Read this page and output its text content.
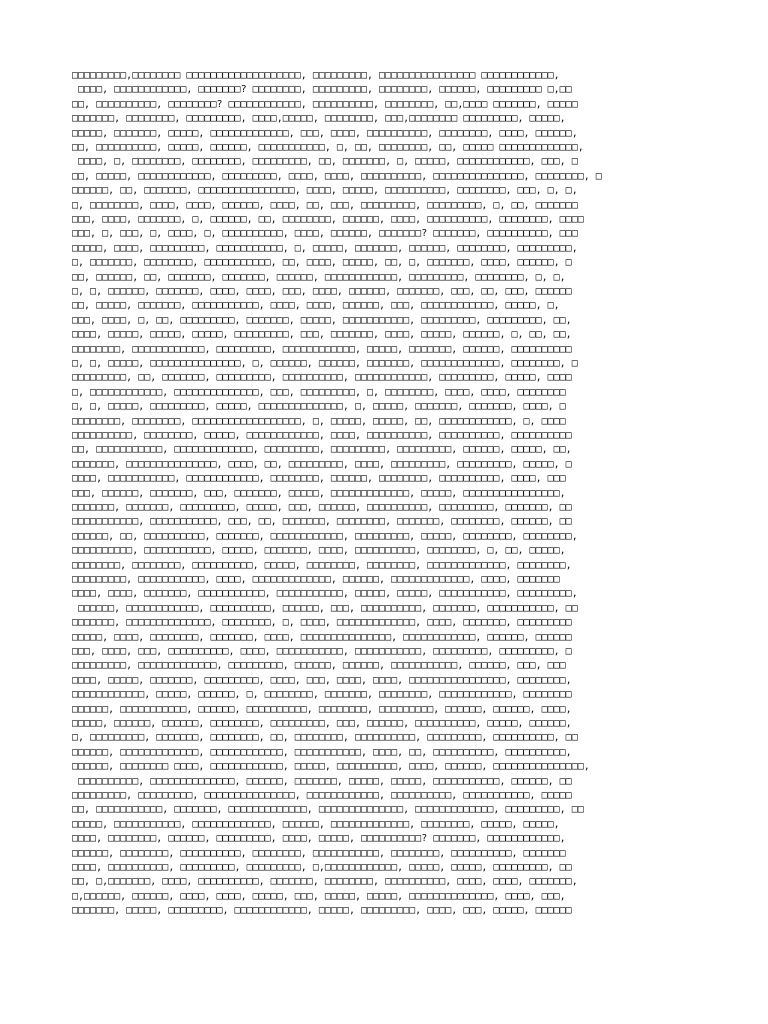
□□□□□□□□□,□□□□□□□□ □□□□□□□□□□□□□□□□□□□, □□□□□□□□□, □□□□□□□□□□□□□□□□ □□□□□□□□□□□□,
□□□□, □□□□□□□□□□□□, □□□□□□□? □□□□□□□□, □□□□□□□□□, □□□□□□□□, □□□□□□, □□□□□□□□□ □,□□
□□, □□□□□□□□□□, □□□□□□□□? □□□□□□□□□□□□, □□□□□□□□□□, □□□□□□□□, □□,□□□□ □□□□□□□, □□□□□
□□□□□□□, □□□□□□□□, □□□□□□□□□, □□□□,□□□□□, □□□□□□□□, □□□,□□□□□□□□ □□□□□□□□□, □□□□□,
□□□□□, □□□□□□□, □□□□□, □□□□□□□□□□□□□, □□□, □□□□, □□□□□□□□□□, □□□□□□□□, □□□□, □□□□□□,
□□, □□□□□□□□□□, □□□□□, □□□□□□, □□□□□□□□□□□, □, □□, □□□□□□□□, □□, □□□□□ □□□□□□□□□□□□□,
□□□□, □, □□□□□□□□, □□□□□□□□, □□□□□□□□□, □□, □□□□□□□, □, □□□□□, □□□□□□□□□□□□, □□□, □
□□, □□□□□, □□□□□□□□□□□□, □□□□□□□□□, □□□□, □□□□, □□□□□□□□□□, □□□□□□□□□□□□□□□, □□□□□□□□, □
□□□□□□, □□, □□□□□□□, □□□□□□□□□□□□□□□□, □□□□, □□□□□, □□□□□□□□□□, □□□□□□□□, □□□, □, □,
□, □□□□□□□□, □□□□, □□□□, □□□□□□, □□□□, □□, □□□, □□□□□□□□□, □□□□□□□□□, □, □□, □□□□□□□
□□□, □□□□, □□□□□□□, □, □□□□□□, □□, □□□□□□□□, □□□□□□, □□□□, □□□□□□□□□□, □□□□□□□□, □□□□
□□□, □, □□□, □, □□□□, □, □□□□□□□□□□, □□□□, □□□□□□, □□□□□□□? □□□□□□□, □□□□□□□□□□, □□□
□□□□□, □□□□, □□□□□□□□□, □□□□□□□□□□□, □, □□□□□, □□□□□□□, □□□□□□, □□□□□□□□, □□□□□□□□□,
□, □□□□□□□, □□□□□□□□, □□□□□□□□□□□, □□, □□□□, □□□□□, □□, □, □□□□□□□, □□□□, □□□□□□, □
□□, □□□□□□, □□, □□□□□□□, □□□□□□□, □□□□□□, □□□□□□□□□□□□, □□□□□□□□□, □□□□□□□□, □, □,
□, □, □□□□□□, □□□□□□□, □□□□, □□□□, □□□, □□□□, □□□□□□, □□□□□□□, □□□, □□, □□□, □□□□□□
□□, □□□□□, □□□□□□□, □□□□□□□□□□□, □□□□, □□□□, □□□□□□, □□□, □□□□□□□□□□□□, □□□□□, □,
□□□, □□□□, □, □□, □□□□□□□□□, □□□□□□□, □□□□□, □□□□□□□□□□□, □□□□□□□□□, □□□□□□□□□, □□,
□□□□, □□□□□, □□□□□, □□□□□, □□□□□□□□□, □□□, □□□□□□□, □□□□, □□□□□, □□□□□□, □, □□, □□,
□□□□□□□□, □□□□□□□□□□□□, □□□□□□□□□, □□□□□□□□□□□□, □□□□□, □□□□□□□, □□□□□□, □□□□□□□□□□
□, □, □□□□□, □□□□□□□□□□□□□□□, □, □□□□□□, □□□□□□, □□□□□□□, □□□□□□□□□□□□□, □□□□□□□□, □
□□□□□□□□□, □□, □□□□□□□, □□□□□□□□□, □□□□□□□□□□, □□□□□□□□□□□□, □□□□□□□□□, □□□□□, □□□□
□, □□□□□□□□□□□□, □□□□□□□□□□□□□□, □□□, □□□□□□□□□, □, □□□□□□□□, □□□□, □□□□, □□□□□□□□
□, □, □□□□□, □□□□□□□□□, □□□□□, □□□□□□□□□□□□□□, □, □□□□□, □□□□□□□, □□□□□□□, □□□□, □
□□□□□□□□, □□□□□□□□, □□□□□□□□□□□□□□□□□□, □, □□□□□, □□□□□, □□, □□□□□□□□□□□□, □, □□□□
□□□□□□□□□□, □□□□□□□□, □□□□□, □□□□□□□□□□□□, □□□□, □□□□□□□□□□, □□□□□□□□□□, □□□□□□□□□□
□□, □□□□□□□□□□□, □□□□□□□□□□□□□, □□□□□□□□□, □□□□□□□□□, □□□□□□□□□, □□□□□□, □□□□□, □□,
□□□□□□□, □□□□□□□□□□□□□□□, □□□□, □□, □□□□□□□□□, □□□□, □□□□□□□□□, □□□□□□□□□, □□□□□, □
□□□□, □□□□□□□□□□□, □□□□□□□□□□□□, □□□□□□□□, □□□□□□, □□□□□□□□, □□□□□□□□□□, □□□□, □□□
□□□, □□□□□□, □□□□□□□, □□□, □□□□□□□, □□□□□, □□□□□□□□□□□□□, □□□□□, □□□□□□□□□□□□□□□□,
□□□□□□□, □□□□□□□, □□□□□□□□□, □□□□□, □□□, □□□□□□, □□□□□□□□□□, □□□□□□□□□, □□□□□□□, □□
□□□□□□□□□□□, □□□□□□□□□□□, □□□, □□, □□□□□□□, □□□□□□□□, □□□□□□□, □□□□□□□□, □□□□□□, □□
□□□□□□, □□, □□□□□□□□□□, □□□□□□□, □□□□□□□□□□□□, □□□□□□□□□, □□□□□, □□□□□□□□, □□□□□□□□,
□□□□□□□□□□, □□□□□□□□□□□, □□□□□, □□□□□□□, □□□□, □□□□□□□□□□, □□□□□□□□, □, □□, □□□□□,
□□□□□□□□, □□□□□□□□, □□□□□□□□□□, □□□□□, □□□□□□□□, □□□□□□□□, □□□□□□□□□□□□□, □□□□□□□□,
□□□□□□□□□, □□□□□□□□□□□, □□□□, □□□□□□□□□□□□□, □□□□□□, □□□□□□□□□□□□□, □□□□, □□□□□□□
□□□□, □□□□, □□□□□□□, □□□□□□□□□□□, □□□□□□□□□□□, □□□□□, □□□□□, □□□□□□□□□□□, □□□□□□□□□,
□□□□□□, □□□□□□□□□□□□, □□□□□□□□□□, □□□□□□, □□□, □□□□□□□□□□, □□□□□□□, □□□□□□□□□□□, □□
□□□□□□□, □□□□□□□□□□□□□□, □□□□□□□□, □, □□□□, □□□□□□□□□□□□□, □□□□, □□□□□□□, □□□□□□□□□
□□□□□, □□□□, □□□□□□□□, □□□□□□□, □□□□, □□□□□□□□□□□□□□□, □□□□□□□□□□□□, □□□□□□, □□□□□□
□□□, □□□□, □□□, □□□□□□□□□□, □□□□, □□□□□□□□□□□, □□□□□□□□□□□, □□□□□□□□□, □□□□□□□□□, □
□□□□□□□□□, □□□□□□□□□□□□□, □□□□□□□□□, □□□□□□, □□□□□□, □□□□□□□□□□□, □□□□□□, □□□, □□□
□□□□, □□□□□, □□□□□□□, □□□□□□□□□, □□□□, □□□, □□□□, □□□□, □□□□□□□□□□□□□□□□, □□□□□□□□,
□□□□□□□□□□□□, □□□□□, □□□□□□, □, □□□□□□□□, □□□□□□□, □□□□□□□□, □□□□□□□□□□□□, □□□□□□□□
□□□□□□, □□□□□□□□□□□, □□□□□□, □□□□□□□□□□, □□□□□□□□, □□□□□□□□□, □□□□□□, □□□□□□, □□□□,
□□□□□, □□□□□□, □□□□□□, □□□□□□□□, □□□□□□□□□, □□□, □□□□□□, □□□□□□□□□□, □□□□□, □□□□□□,
□, □□□□□□□□□, □□□□□□□, □□□□□□□□, □□, □□□□□□□□, □□□□□□□□□□, □□□□□□□□□, □□□□□□□□□□, □□
□□□□□□, □□□□□□□□□□□□□, □□□□□□□□□□□□, □□□□□□□□□□□, □□□□, □□, □□□□□□□□□□, □□□□□□□□□□,
□□□□□□, □□□□□□□□ □□□□, □□□□□□□□□□□□, □□□□□, □□□□□□□□□□, □□□□, □□□□□□, □□□□□□□□□□□□□□□,
□□□□□□□□□□, □□□□□□□□□□□□□□, □□□□□□, □□□□□□□, □□□□□, □□□□□, □□□□□□□□□□□, □□□□□□, □□
□□□□□□□□□, □□□□□□□□□, □□□□□□□□□□□□□□□, □□□□□□□□□□□□, □□□□□□□□□□, □□□□□□□□□□□, □□□□□
□□, □□□□□□□□□□□, □□□□□□□, □□□□□□□□□□□□□, □□□□□□□□□□□□□□, □□□□□□□□□□□□□, □□□□□□□□□, □□
□□□□□, □□□□□□□□□□□, □□□□□□□□□□□□□, □□□□□□, □□□□□□□□□□□□□, □□□□□□□□, □□□□□, □□□□□,
□□□□, □□□□□□□□, □□□□□□, □□□□□□□□□, □□□□, □□□□□, □□□□□□□□□□? □□□□□□□, □□□□□□□□□□□□,
□□□□□□, □□□□□□□□, □□□□□□□□□□, □□□□□□□□, □□□□□□□□□□□, □□□□□□□□, □□□□□□□□□□, □□□□□□□
□□□□, □□□□□□□□□□, □□□□□□□□□, □□□□□□□□□, □,□□□□□□□□□□□□, □□□□□, □□□□□, □□□□□□□□□, □□
□□, □,□□□□□□□, □□□□, □□□□□□□□□□, □□□□□□□, □□□□□□□□, □□□□□□□□□□, □□□□, □□□□, □□□□□□□,
□,□□□□□□, □□□□□□, □□□□, □□□□, □□□□□, □□□, □□□□□, □□□□□, □□□□□□□□□□□□□□, □□□□, □□□,
□□□□□□□, □□□□□, □□□□□□□□□, □□□□□□□□□□□□, □□□□□, □□□□□□□□□, □□□□, □□□, □□□□□, □□□□□□
